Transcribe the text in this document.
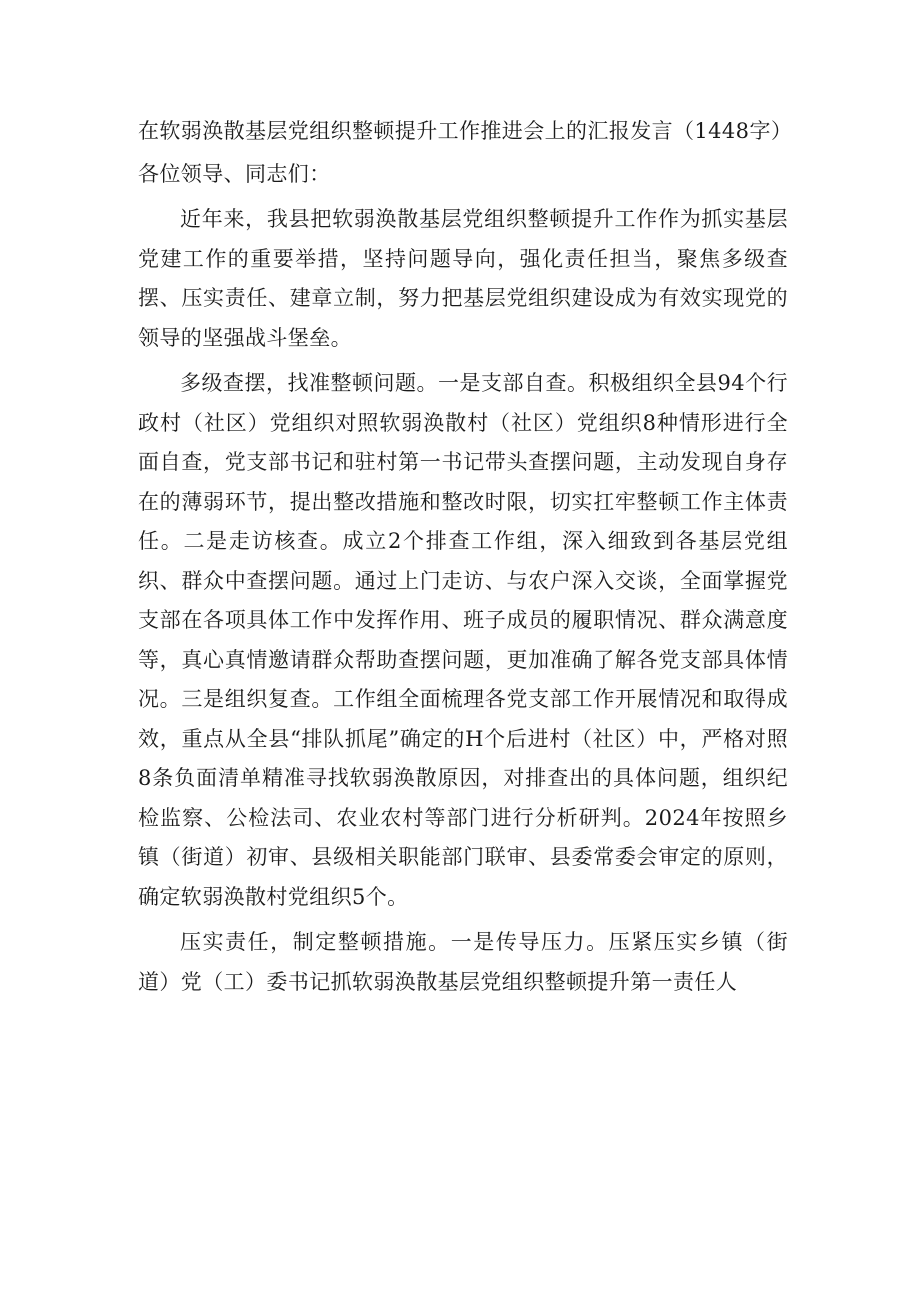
在软弱涣散基层党组织整顿提升工作推进会上的汇报发言（1448字）

各位领导、同志们：

近年来，我县把软弱涣散基层党组织整顿提升工作作为抓实基层党建工作的重要举措，坚持问题导向，强化责任担当，聚焦多级查摆、压实责任、建章立制，努力把基层党组织建设成为有效实现党的领导的坚强战斗堡垒。

多级查摆，找准整顿问题。一是支部自查。积极组织全县94个行政村（社区）党组织对照软弱涣散村（社区）党组织8种情形进行全面自查，党支部书记和驻村第一书记带头查摆问题，主动发现自身存在的薄弱环节，提出整改措施和整改时限，切实扛牢整顿工作主体责任。二是走访核查。成立2个排查工作组，深入细致到各基层党组织、群众中查摆问题。通过上门走访、与农户深入交谈，全面掌握党支部在各项具体工作中发挥作用、班子成员的履职情况、群众满意度等，真心真情邀请群众帮助查摆问题，更加准确了解各党支部具体情况。三是组织复查。工作组全面梳理各党支部工作开展情况和取得成效，重点从全县“排队抓尾”确定的H个后进村（社区）中，严格对照8条负面清单精准寻找软弱涣散原因，对排查出的具体问题，组织纪检监察、公检法司、农业农村等部门进行分析研判。2024年按照乡镇（街道）初审、县级相关职能部门联审、县委常委会审定的原则，确定软弱涣散村党组织5个。

压实责任，制定整顿措施。一是传导压力。压紧压实乡镇（街道）党（工）委书记抓软弱涣散基层党组织整顿提升第一责任人
